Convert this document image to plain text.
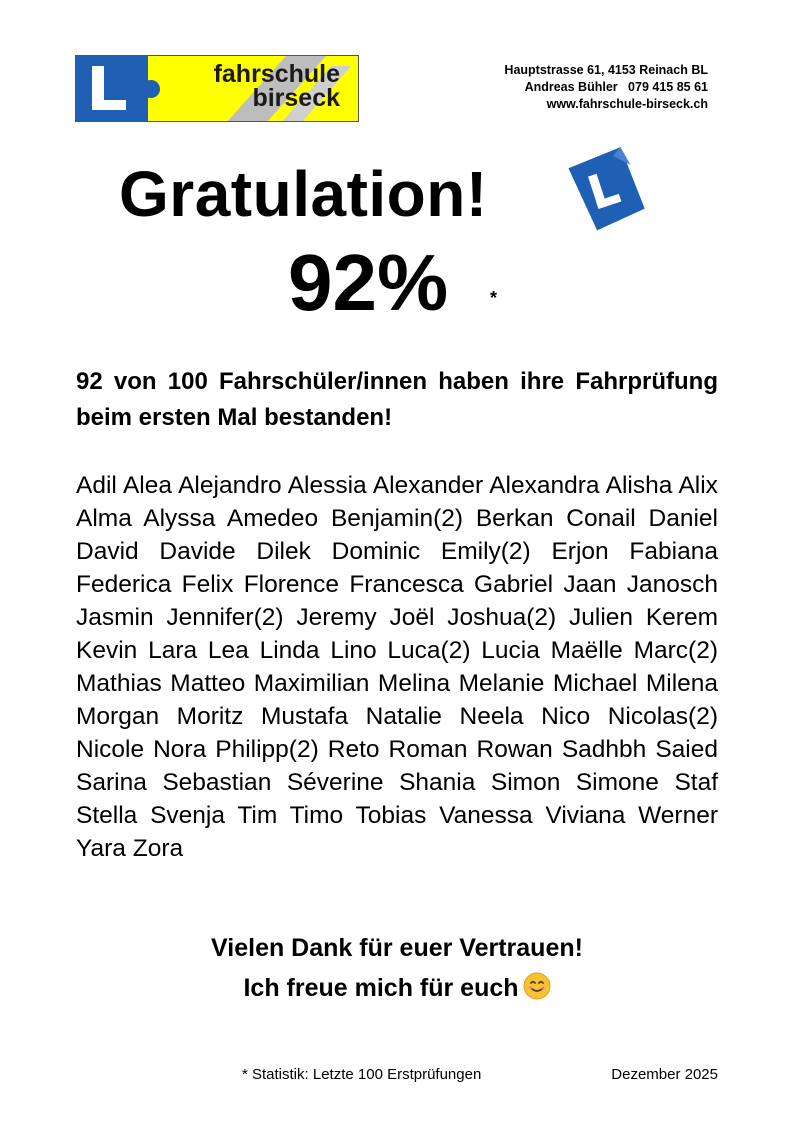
fahrschule
birseck
Hauptstrasse 61, 4153 Reinach BL
Andreas Bühler   079 415 85 61
www.fahrschule-birseck.ch
Gratulation!
92% *
92 von 100 Fahrschüler/innen haben ihre Fahrprüfung beim ersten Mal bestanden!
Adil Alea Alejandro Alessia Alexander Alexandra Alisha Alix Alma Alyssa Amedeo Benjamin(2) Berkan Conail Daniel David Davide Dilek Dominic Emily(2) Erjon Fabiana Federica Felix Florence Francesca Gabriel Jaan Janosch Jasmin Jennifer(2) Jeremy Joël Joshua(2) Julien Kerem Kevin Lara Lea Linda Lino Luca(2) Lucia Maëlle Marc(2) Mathias Matteo Maximilian Melina Melanie Michael Milena Morgan Moritz Mustafa Natalie Neela Nico Nicolas(2) Nicole Nora Philipp(2) Reto Roman Rowan Sadhbh Saied Sarina Sebastian Séverine Shania Simon Simone Staf Stella Svenja Tim Timo Tobias Vanessa Viviana Werner Yara Zora
Vielen Dank für euer Vertrauen!
Ich freue mich für euch
* Statistik: Letzte 100 Erstprüfungen	Dezember 2025
